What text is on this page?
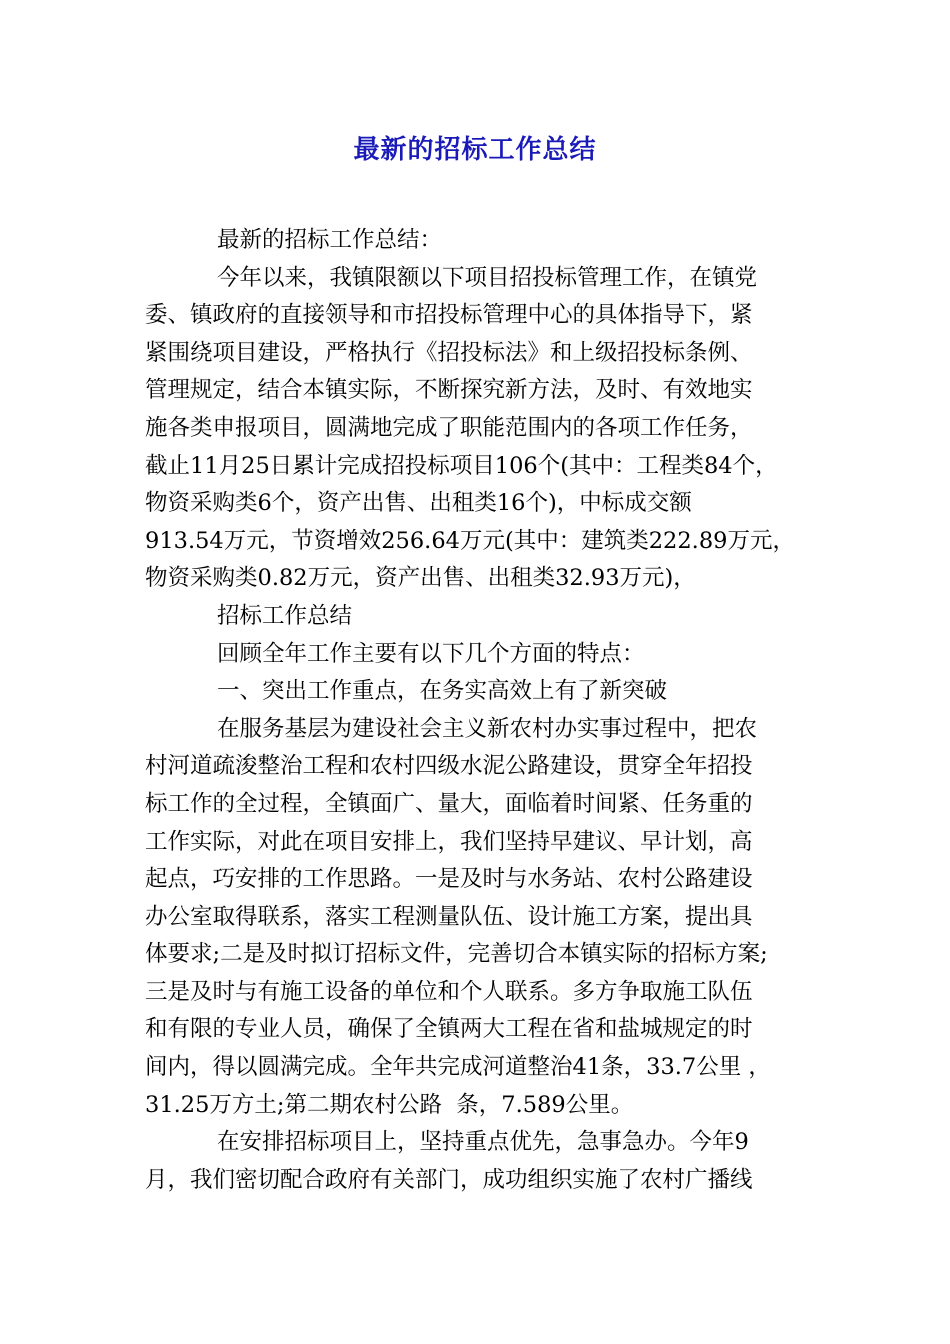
最新的招标工作总结
最新的招标工作总结：
今年以来，我镇限额以下项目招投标管理工作，在镇党
委、镇政府的直接领导和市招投标管理中心的具体指导下，紧
紧围绕项目建设，严格执行《招投标法》和上级招投标条例、
管理规定，结合本镇实际，不断探究新方法，及时、有效地实
施各类申报项目，圆满地完成了职能范围内的各项工作任务，
截止11月25日累计完成招投标项目106个(其中：工程类84个，
物资采购类6个，资产出售、出租类16个)，中标成交额
913.54万元，节资增效256.64万元(其中：建筑类222.89万元，
物资采购类0.82万元，资产出售、出租类32.93万元)，
招标工作总结
回顾全年工作主要有以下几个方面的特点：
一、突出工作重点，在务实高效上有了新突破
在服务基层为建设社会主义新农村办实事过程中，把农
村河道疏浚整治工程和农村四级水泥公路建设，贯穿全年招投
标工作的全过程，全镇面广、量大，面临着时间紧、任务重的
工作实际，对此在项目安排上，我们坚持早建议、早计划，高
起点，巧安排的工作思路。一是及时与水务站、农村公路建设
办公室取得联系，落实工程测量队伍、设计施工方案，提出具
体要求;二是及时拟订招标文件，完善切合本镇实际的招标方案;
三是及时与有施工设备的单位和个人联系。多方争取施工队伍
和有限的专业人员，确保了全镇两大工程在省和盐城规定的时
间内，得以圆满完成。全年共完成河道整治41条，33.7公里 ，
31.25万方土;第二期农村公路  条，7.589公里。
在安排招标项目上，坚持重点优先，急事急办。今年9
月，我们密切配合政府有关部门，成功组织实施了农村广播线
